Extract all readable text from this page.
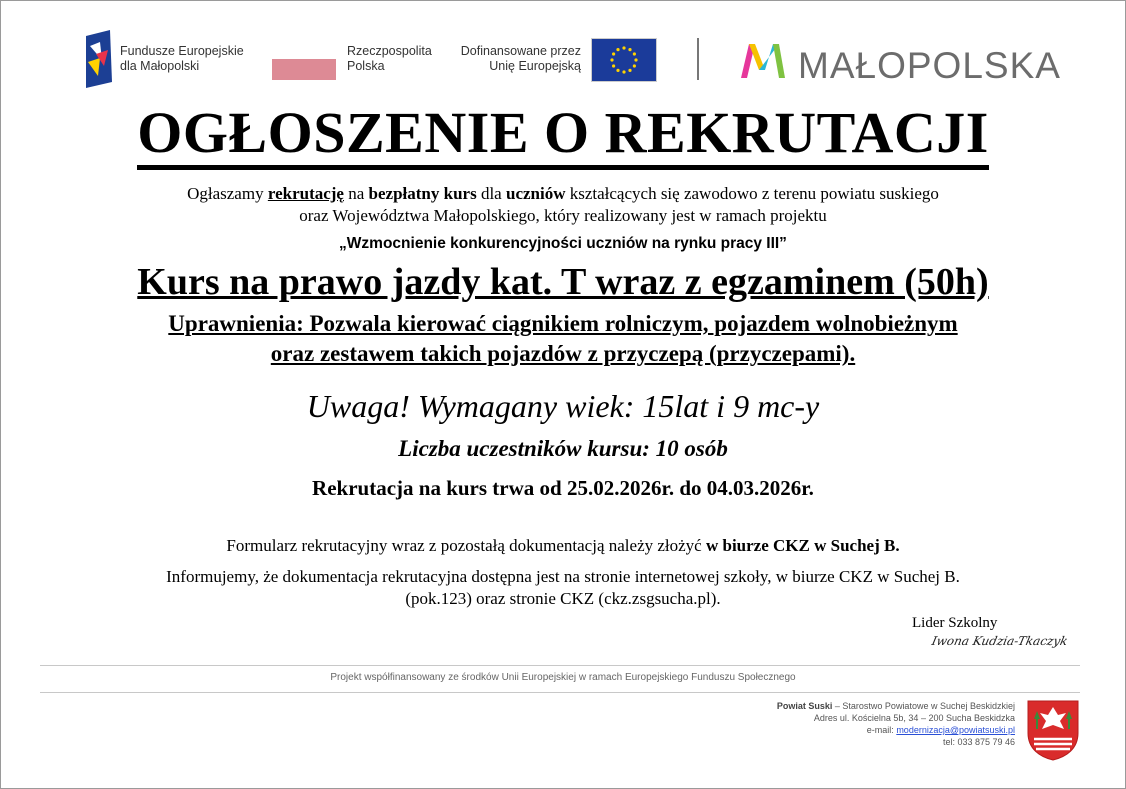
Fundusze Europejskie
dla Małopolski
Rzeczpospolita
Polska
Dofinansowane przez
Unię Europejską	MAŁOPOLSKA
OGŁOSZENIE O REKRUTACJI
Ogłaszamy rekrutację na bezpłatny kurs dla uczniów kształcących się zawodowo z terenu powiatu suskiego
oraz Województwa Małopolskiego, który realizowany jest w ramach projektu
„Wzmocnienie konkurencyjności uczniów na rynku pracy III”
Kurs na prawo jazdy kat. T wraz z egzaminem (50h)
Uprawnienia: Pozwala kierować ciągnikiem rolniczym, pojazdem wolnobieżnym
oraz zestawem takich pojazdów z przyczepą (przyczepami).
Uwaga! Wymagany wiek: 15lat i 9 mc-y
Liczba uczestników kursu: 10 osób
Rekrutacja na kurs trwa od 25.02.2026r. do 04.03.2026r.
Formularz rekrutacyjny wraz z pozostałą dokumentacją należy złożyć w biurze CKZ w Suchej B.
Informujemy, że dokumentacja rekrutacyjna dostępna jest na stronie internetowej szkoły, w biurze CKZ w Suchej B.
(pok.123) oraz stronie CKZ (ckz.zsgsucha.pl).
Lider Szkolny
Iwona Kudzia-Tkaczyk
Projekt współfinansowany ze środków Unii Europejskiej w ramach Europejskiego Funduszu Społecznego
Powiat Suski – Starostwo Powiatowe w Suchej Beskidzkiej
Adres ul. Kościelna 5b, 34 – 200 Sucha Beskidzka
e-mail: modernizacja@powiatsuski.pl
tel: 033 875 79 46
